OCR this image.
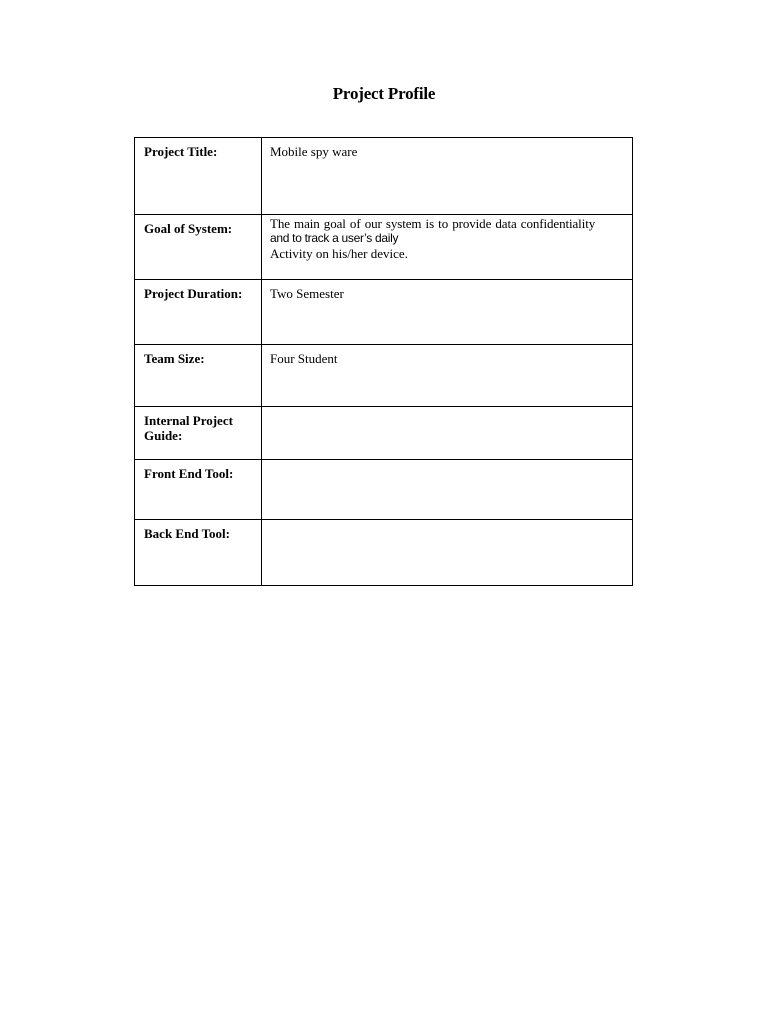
Project Profile
Project Title:	Mobile spy ware

Goal of System:	The main goal of our system is to provide data confidentiality
and to track a user’s daily
Activity on his/her device.

Project Duration:	Two Semester

Team Size:	Four Student

Internal Project Guide:	

Front End Tool:	

Back End Tool:	
